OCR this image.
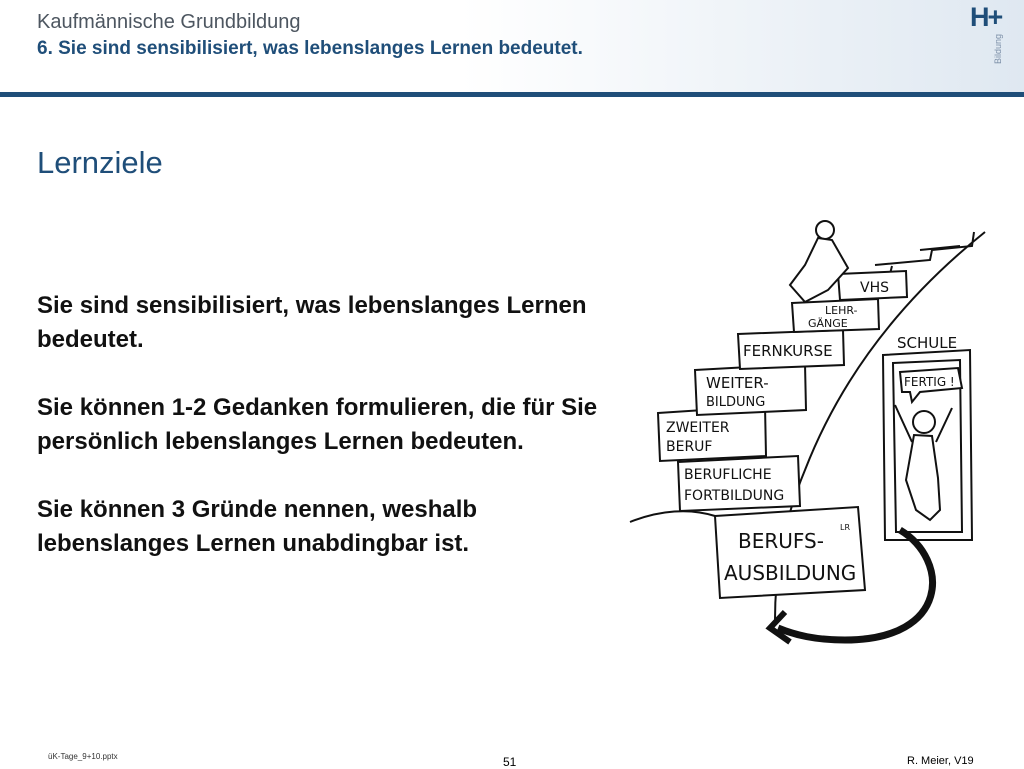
Kaufmännische Grundbildung
6. Sie sind sensibilisiert, was lebenslanges Lernen bedeutet.
H+
Bildung
Lernziele
Sie sind sensibilisiert, was lebenslanges Lernen bedeutet.
Sie können 1-2 Gedanken formulieren, die für Sie persönlich lebenslanges Lernen bedeuten.
Sie können 3 Gründe nennen, weshalb lebenslanges Lernen unabdingbar ist.	BERUFS-
AUSBILDUNG
BERUFLICHE
FORTBILDUNG
ZWEITER
BERUF
WEITER-
BILDUNG
FERNKURSE
LEHR-
GÄNGE
VHS
SCHULE
FERTIG !
LR
üK-Tage_9+10.pptx	51	R. Meier, V19
